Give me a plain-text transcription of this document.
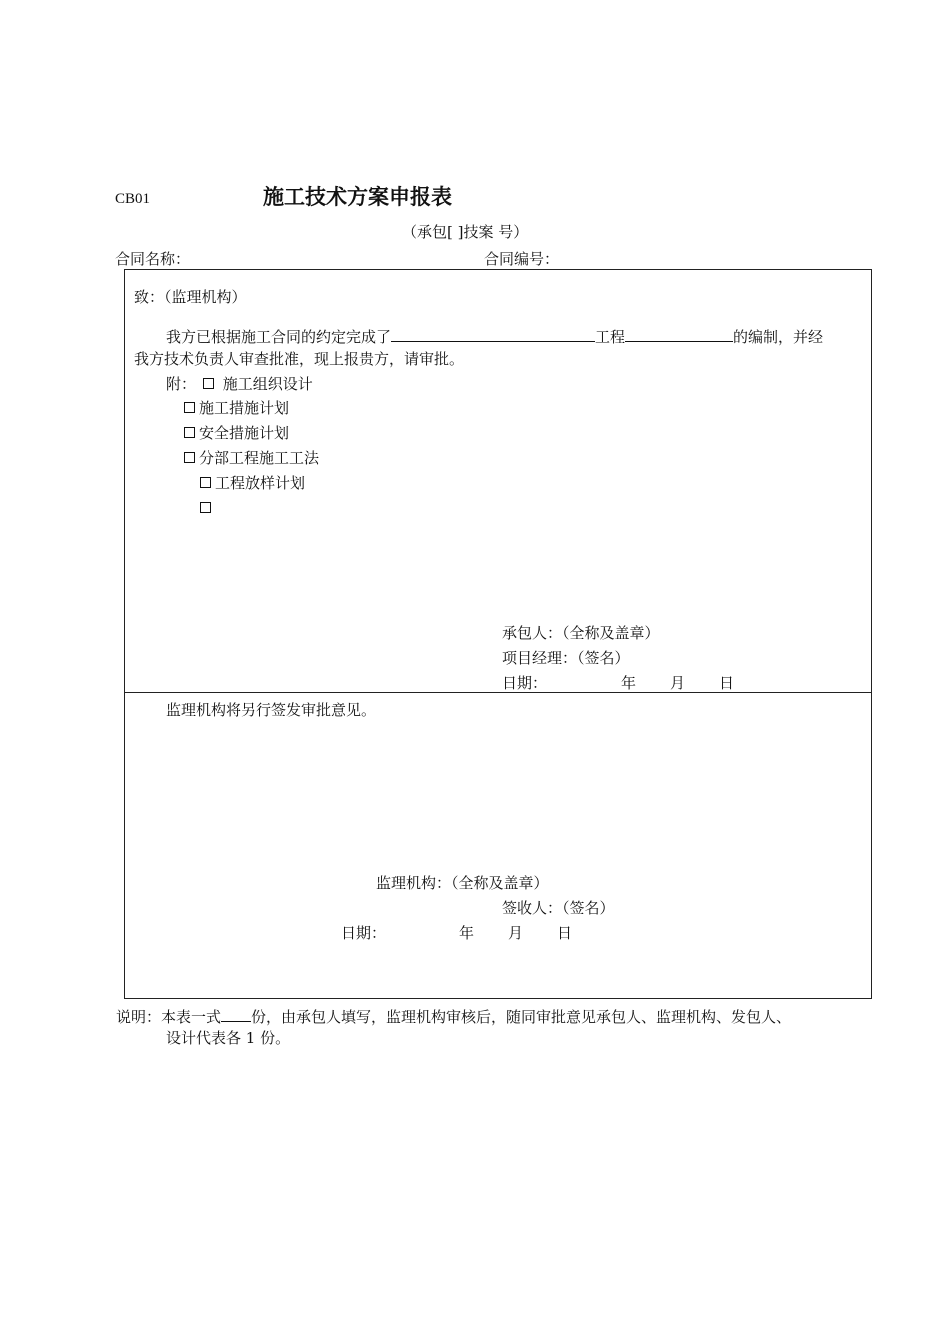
CB01	施工技术方案申报表
（承包[ ]技案 号）
合同名称：	合同编号：
致：（监理机构）
我方已根据施工合同的约定完成了	工程	的编制，并经
我方技术负责人审查批准，现上报贵方，请审批。
附：	施工组织设计
施工措施计划
安全措施计划
分部工程施工工法
工程放样计划
承包人：（全称及盖章）
项目经理：（签名）
日期：	年 月 日
监理机构将另行签发审批意见。
监理机构：（全称及盖章）
签收人：（签名）
日期：	年 月 日
说明：本表一式 份，由承包人填写，监理机构审核后，随同审批意见承包人、监理机构、发包人、
设计代表各 1 份。
